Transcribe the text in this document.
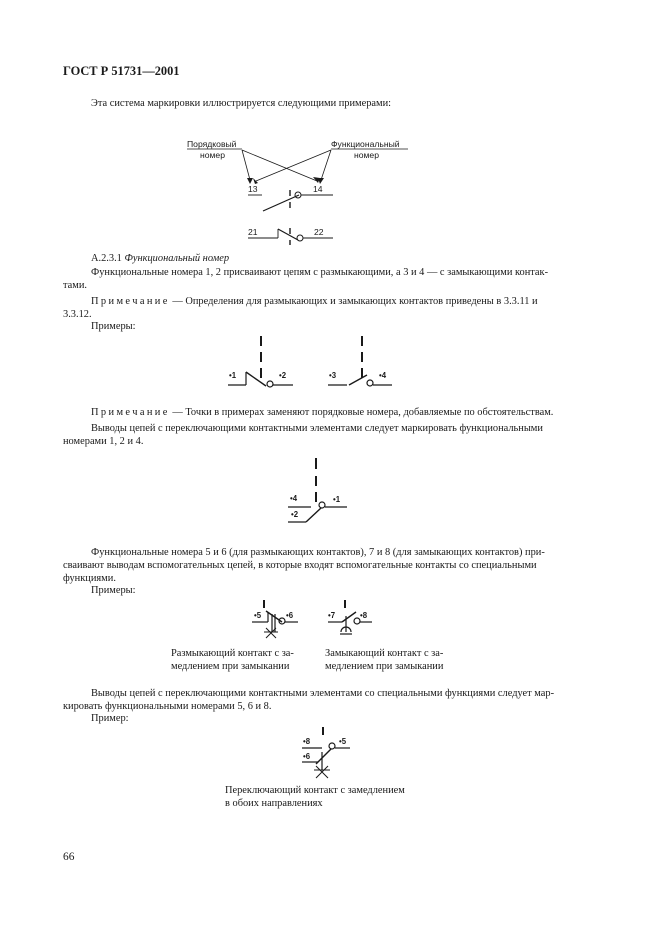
ГОСТ Р 51731—2001
Эта система маркировки иллюстрируется следующими примерами:
Порядковый
номер
Функциональный
номер
13	14
21	22
А.2.3.1 Функциональный номер
Функциональные номера 1, 2 присваивают цепям с размыкающими, а 3 и 4 — с замыкающими контак-
тами.
Примечание — Определения для размыкающих и замыкающих контактов приведены в 3.3.11 и
3.3.12.
Примеры:
•1	•2	•3	•4
Примечание — Точки в примерах заменяют порядковые номера, добавляемые по обстоятельствам.
Выводы цепей с переключающими контактными элементами следует маркировать функциональными
номерами 1, 2 и 4.
•4	•1
•2
Функциональные номера 5 и 6 (для размыкающих контактов), 7 и 8 (для замыкающих контактов) при-
сваивают выводам вспомогательных цепей, в которые входят вспомогательные контакты со специальными
функциями.
Примеры:
•5	•6	•7	•8
Размыкающий контакт с за-
медлением при замыкании
Замыкающий контакт с за-
медлением при замыкании
Выводы цепей с переключающими контактными элементами со специальными функциями следует мар-
кировать функциональными номерами 5, 6 и 8.
Пример:
•8	•5
•6
Переключающий контакт с замедлением
в обоих направлениях
66
